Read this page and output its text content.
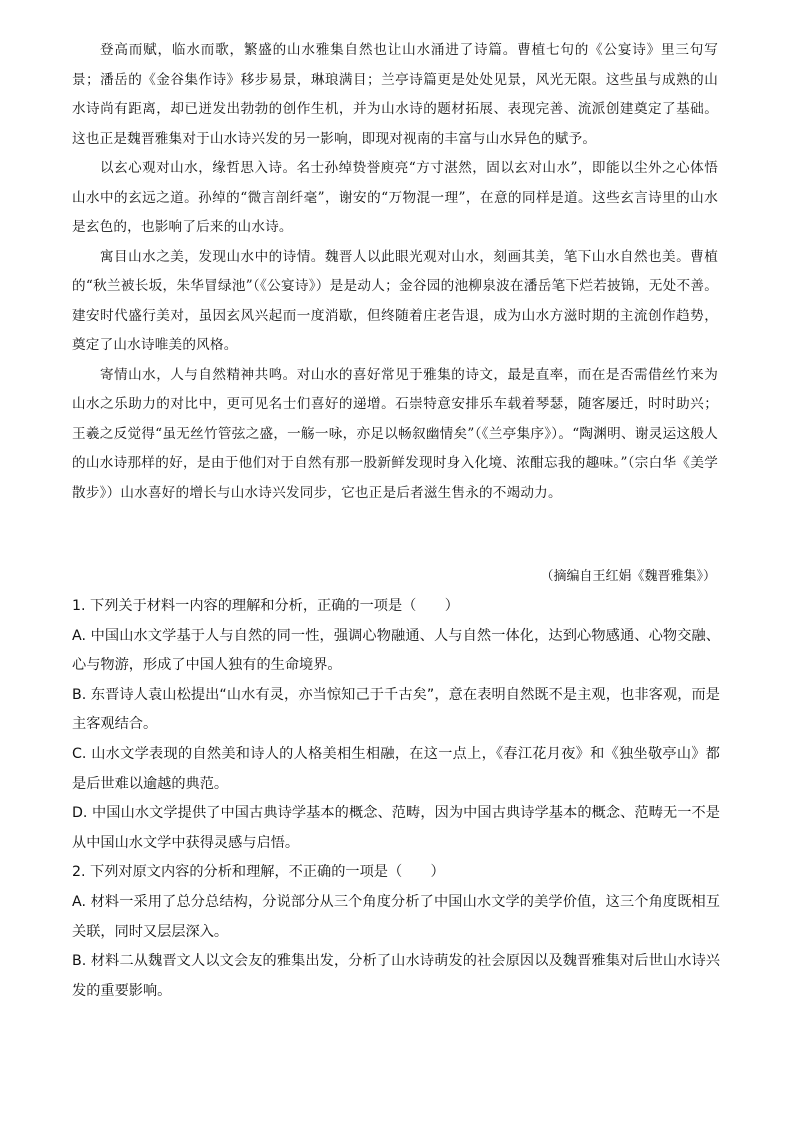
登高而赋，临水而歌，繁盛的山水雅集自然也让山水涌进了诗篇。曹植七句的《公宴诗》里三句写景；潘岳的《金谷集作诗》移步易景，琳琅满目；兰亭诗篇更是处处见景，风光无限。这些虽与成熟的山水诗尚有距离，却已迸发出勃勃的创作生机，并为山水诗的题材拓展、表现完善、流派创建奠定了基础。这也正是魏晋雅集对于山水诗兴发的另一影响，即现对视南的丰富与山水异色的赋予。

以玄心观对山水，缘哲思入诗。名士孙绰贽誉庾亮“方寸湛然，固以玄对山水”，即能以尘外之心体悟山水中的玄远之道。孙绰的“微言剖纤毫”，谢安的“万物混一理”，在意的同样是道。这些玄言诗里的山水是玄色的，也影响了后来的山水诗。

寓目山水之美，发现山水中的诗情。魏晋人以此眼光观对山水，刻画其美，笔下山水自然也美。曹植的“秋兰被长坂，朱华冒绿池”（《公宴诗》）是是动人；金谷园的池柳泉波在潘岳笔下烂若披锦，无处不善。建安时代盛行美对，虽因玄风兴起而一度消歇，但终随着庄老告退，成为山水方滋时期的主流创作趋势，奠定了山水诗唯美的风格。

寄情山水，人与自然精神共鸣。对山水的喜好常见于雅集的诗文，最是直率，而在是否需借丝竹来为山水之乐助力的对比中，更可见名士们喜好的递增。石崇特意安排乐车载着琴瑟，随客屡迁，时时助兴；王羲之反觉得“虽无丝竹管弦之盛，一觞一咏，亦足以畅叙幽情矣”（《兰亭集序》）。“陶渊明、谢灵运这般人的山水诗那样的好，是由于他们对于自然有那一股新鲜发现时身入化境、浓酣忘我的趣味。”（宗白华《美学散步》）山水喜好的增长与山水诗兴发同步，它也正是后者滋生售永的不竭动力。

（摘编自王红娟《魏晋雅集》）

1. 下列关于材料一内容的理解和分析，正确的一项是（　　）

A. 中国山水文学基于人与自然的同一性，强调心物融通、人与自然一体化，达到心物感通、心物交融、心与物游，形成了中国人独有的生命境界。

B. 东晋诗人袁山松提出“山水有灵，亦当惊知己于千古矣”，意在表明自然既不是主观，也非客观，而是主客观结合。

C. 山水文学表现的自然美和诗人的人格美相生相融，在这一点上，《春江花月夜》和《独坐敬亭山》都是后世难以逾越的典范。

D. 中国山水文学提供了中国古典诗学基本的概念、范畴，因为中国古典诗学基本的概念、范畴无一不是从中国山水文学中获得灵感与启悟。

2. 下列对原文内容的分析和理解，不正确的一项是（　　）

A. 材料一采用了总分总结构，分说部分从三个角度分析了中国山水文学的美学价值，这三个角度既相互关联，同时又层层深入。

B. 材料二从魏晋文人以文会友的雅集出发，分析了山水诗萌发的社会原因以及魏晋雅集对后世山水诗兴发的重要影响。
